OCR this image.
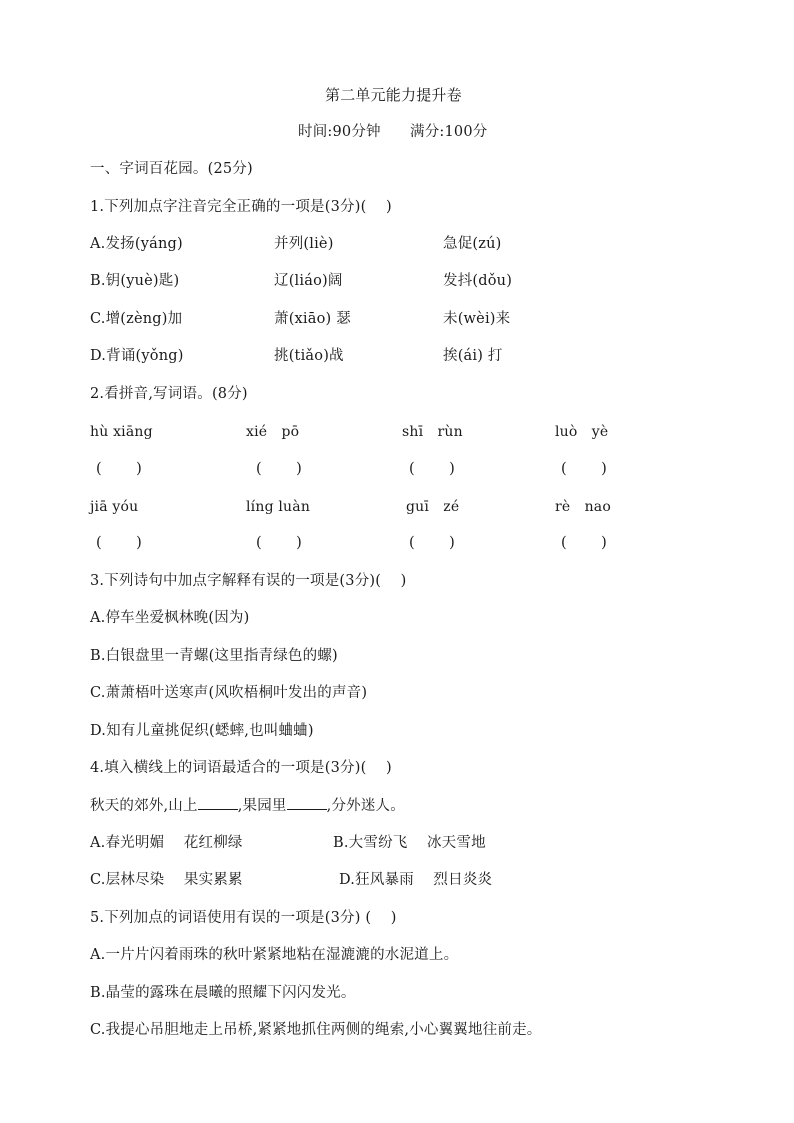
第二单元能力提升卷
时间:90分钟 满分:100分
一、字词百花园。(25分)
1.下列加点字注音完全正确的一项是(3分)(　 )
A.发扬(yáng)	并列(liè)	急促(zú)
B.钥(yuè)匙)	辽(liáo)阔	发抖(dǒu)
C.增(zèng)加	萧(xiāo) 瑟	未(wèi)来
D.背诵(yǒng)	挑(tiǎo)战	挨(ái) 打
2.看拼音,写词语。(8分)
hù xiāng	xié　pō	shī　rùn	luò　yè
(　 　)	(　 　)	(　 　)	(　 　)
jiā yóu	líng luàn	guī　zé	rè　nao
(　 　)	(　 　)	(　 　)	(　 　)
3.下列诗句中加点字解释有误的一项是(3分)(　 )
A.停车坐爱枫林晚(因为)
B.白银盘里一青螺(这里指青绿色的螺)
C.萧萧梧叶送寒声(风吹梧桐叶发出的声音)
D.知有儿童挑促织(蟋蟀,也叫蛐蛐)
4.填入横线上的词语最适合的一项是(3分)(　 )
秋天的郊外,山上	,果园里	,分外迷人。
A.春光明媚　 花红柳绿	B.大雪纷飞　 冰天雪地
C.层林尽染　 果实累累	D.狂风暴雨　 烈日炎炎
5.下列加点的词语使用有误的一项是(3分) (　 )
A.一片片闪着雨珠的秋叶紧紧地粘在湿漉漉的水泥道上。
B.晶莹的露珠在晨曦的照耀下闪闪发光。
C.我提心吊胆地走上吊桥,紧紧地抓住两侧的绳索,小心翼翼地往前走。
